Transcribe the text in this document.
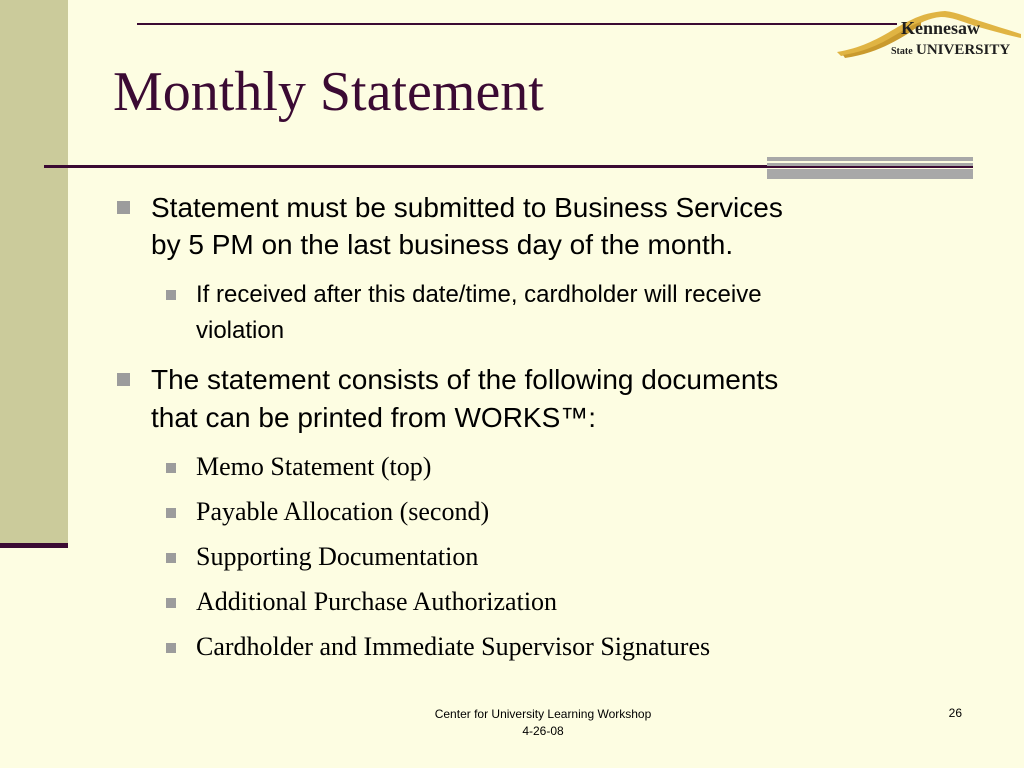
Monthly Statement
Kennesaw
State UNIVERSITY
Statement must be submitted to Business Services
by 5 PM on the last business day of the month.
If received after this date/time, cardholder will receive
violation
The statement consists of the following documents
that can be printed from WORKS™:
Memo Statement (top)
Payable Allocation (second)
Supporting Documentation
Additional Purchase Authorization
Cardholder and Immediate Supervisor Signatures
Center for University Learning Workshop
4-26-08
26
